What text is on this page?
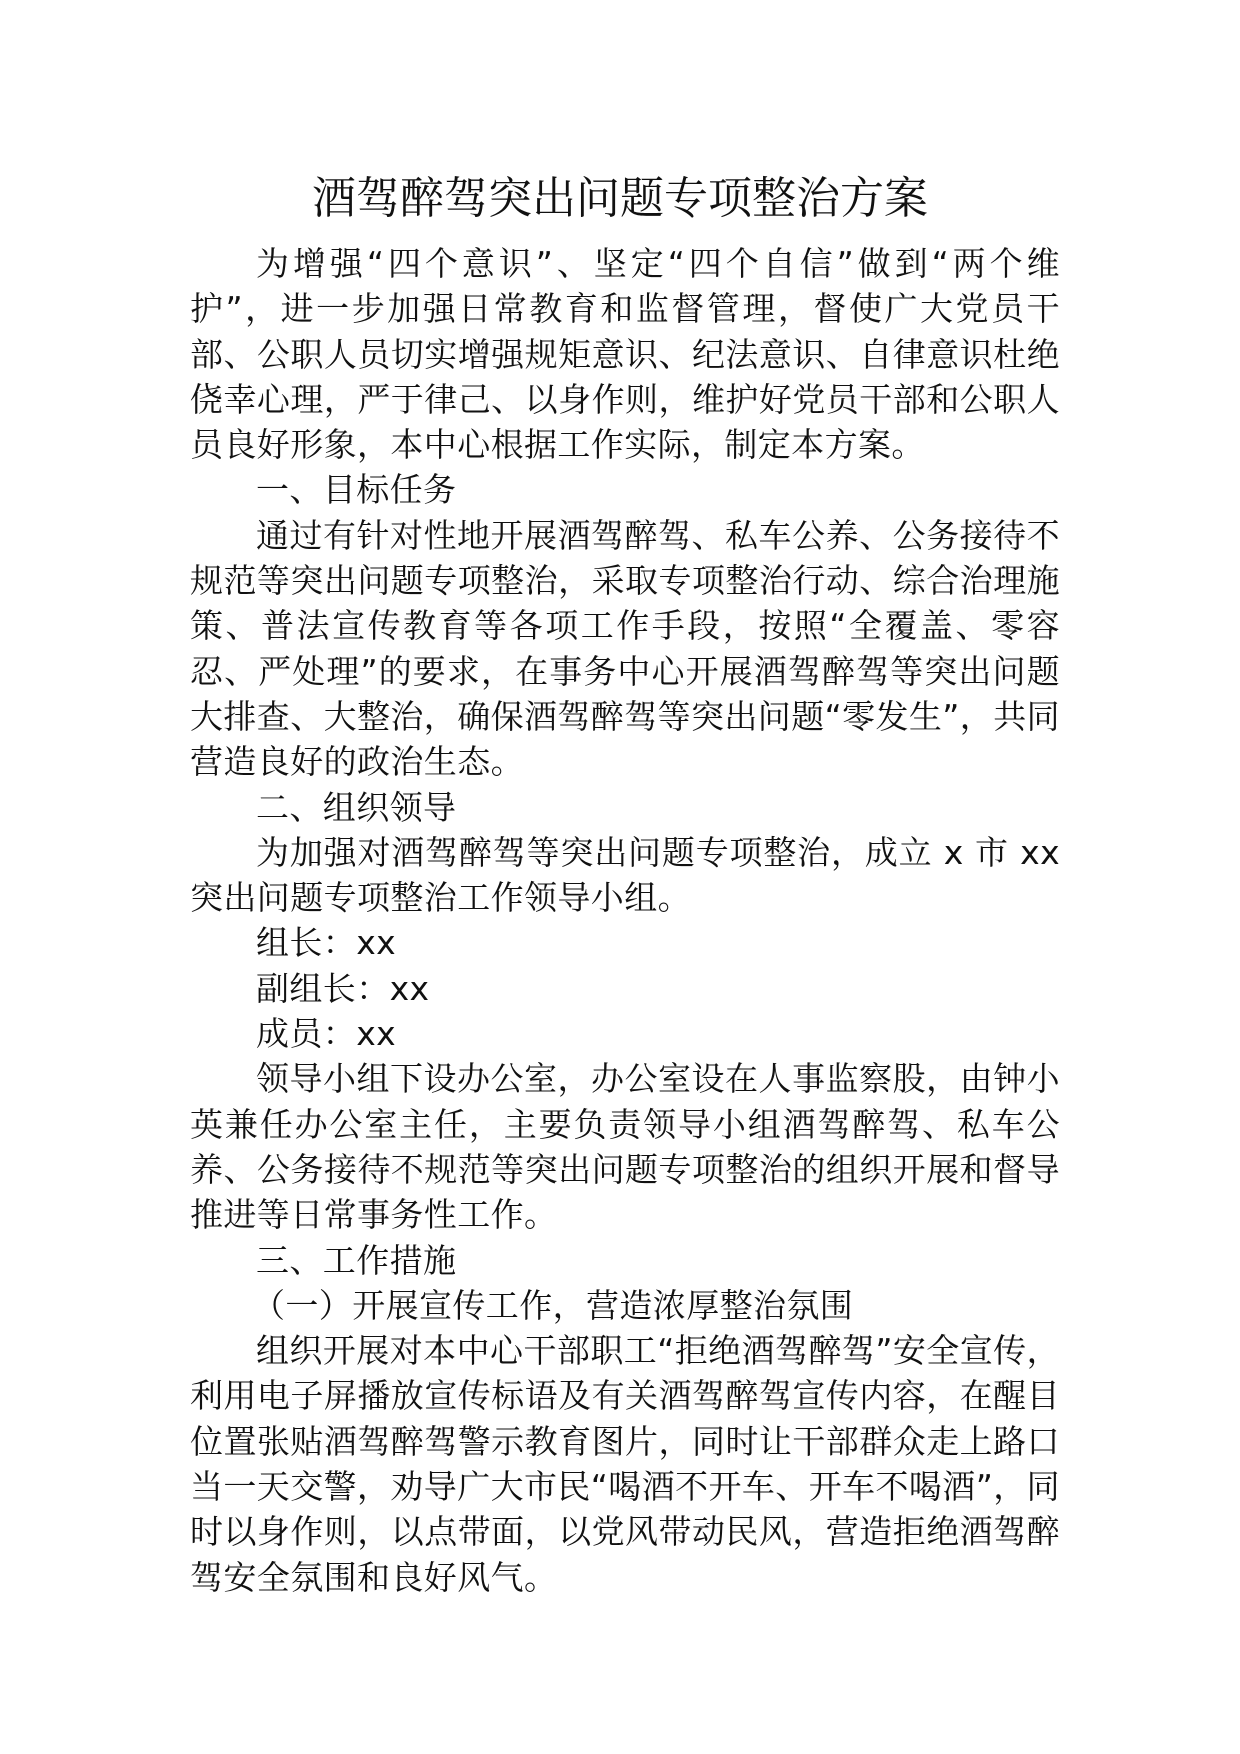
酒驾醉驾突出问题专项整治方案

为增强“四个意识”、坚定“四个自信”做到“两个维护”，进一步加强日常教育和监督管理，督使广大党员干部、公职人员切实增强规矩意识、纪法意识、自律意识杜绝侥幸心理，严于律己、以身作则，维护好党员干部和公职人员良好形象，本中心根据工作实际，制定本方案。

一、目标任务

通过有针对性地开展酒驾醉驾、私车公养、公务接待不规范等突出问题专项整治，采取专项整治行动、综合治理施策、普法宣传教育等各项工作手段，按照“全覆盖、零容忍、严处理”的要求，在事务中心开展酒驾醉驾等突出问题大排查、大整治，确保酒驾醉驾等突出问题“零发生”，共同营造良好的政治生态。

二、组织领导

为加强对酒驾醉驾等突出问题专项整治，成立 x 市 xx 突出问题专项整治工作领导小组。

组长：xx

副组长：xx

成员：xx

领导小组下设办公室，办公室设在人事监察股，由钟小英兼任办公室主任，主要负责领导小组酒驾醉驾、私车公养、公务接待不规范等突出问题专项整治的组织开展和督导推进等日常事务性工作。

三、工作措施

（一）开展宣传工作，营造浓厚整治氛围

组织开展对本中心干部职工“拒绝酒驾醉驾”安全宣传，利用电子屏播放宣传标语及有关酒驾醉驾宣传内容，在醒目位置张贴酒驾醉驾警示教育图片，同时让干部群众走上路口当一天交警，劝导广大市民“喝酒不开车、开车不喝酒”，同时以身作则，以点带面，以党风带动民风，营造拒绝酒驾醉驾安全氛围和良好风气。
